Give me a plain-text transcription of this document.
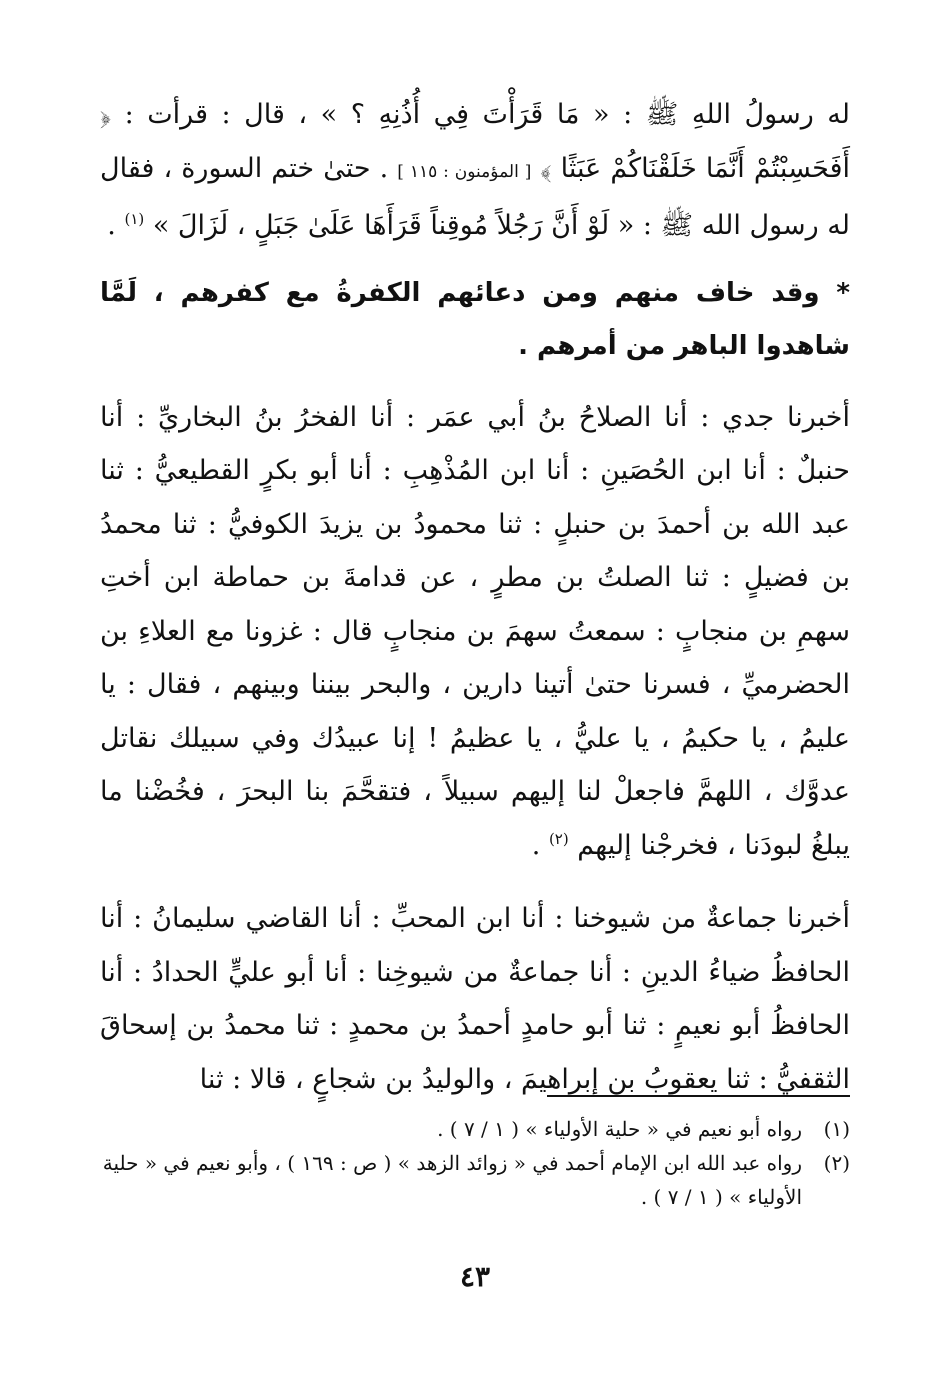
له رسولُ اللهِ ﷺ : « مَا قَرَأْتَ فِي أُذُنِهِ ؟ » ، قال : قرأت : ﴿ أَفَحَسِبْتُمْ أَنَّمَا خَلَقْنَاكُمْ عَبَثًا ﴾ [ المؤمنون : ١١٥ ] . حتىٰ ختم السورة ، فقال له رسول الله ﷺ : « لَوْ أَنَّ رَجُلاً مُوقِناً قَرَأَهَا عَلَىٰ جَبَلٍ ، لَزَالَ » $^{(١)}$ .

* وقد خاف منهم ومن دعائهم الكفرةُ مع كفرهم ، لَمَّا شاهدوا الباهر من أمرهم .

أخبرنا جدي : أنا الصلاحُ بنُ أبي عمَر : أنا الفخرُ بنُ البخاريِّ : أنا حنبلٌ : أنا ابن الحُصَينِ : أنا ابن المُذْهِبِ : أنا أبو بكرٍ القطيعيُّ : ثنا عبد الله بن أحمدَ بن حنبلٍ : ثنا محمودُ بن يزيدَ الكوفيُّ : ثنا محمدُ بن فضيلٍ : ثنا الصلتُ بن مطرٍ ، عن قدامةَ بن حماطة ابن أختِ سهمِ بن منجابٍ : سمعتُ سهمَ بن منجابٍ قال : غزونا مع العلاءِ بن الحضرميِّ ، فسرنا حتىٰ أتينا دارين ، والبحر بيننا وبينهم ، فقال : يا عليمُ ، يا حكيمُ ، يا عليُّ ، يا عظيمُ ! إنا عبيدُك وفي سبيلك نقاتل عدوَّك ، اللهمَّ فاجعلْ لنا إليهم سبيلاً ، فتقحَّمَ بنا البحرَ ، فخُضْنا ما يبلغُ لبودَنا ، فخرجْنا إليهم $^{(٢)}$ .

أخبرنا جماعةٌ من شيوخنا : أنا ابن المحبِّ : أنا القاضي سليمانُ : أنا الحافظُ ضياءُ الدينِ : أنا جماعةٌ من شيوخِنا : أنا أبو عليٍّ الحدادُ : أنا الحافظُ أبو نعيمٍ : ثنا أبو حامدٍ أحمدُ بن محمدٍ : ثنا محمدُ بن إسحاقَ الثقفيُّ : ثنا يعقوبُ بن إبراهيمَ ، والوليدُ بن شجاعٍ ، قالا : ثنا

(١)
رواه أبو نعيم في « حلية الأولياء » ( ١ / ٧ ) .

(٢)
رواه عبد الله ابن الإمام أحمد في « زوائد الزهد » ( ص : ١٦٩ ) ، وأبو نعيم في « حلية الأولياء » ( ١ / ٧ ) .

٤٣
